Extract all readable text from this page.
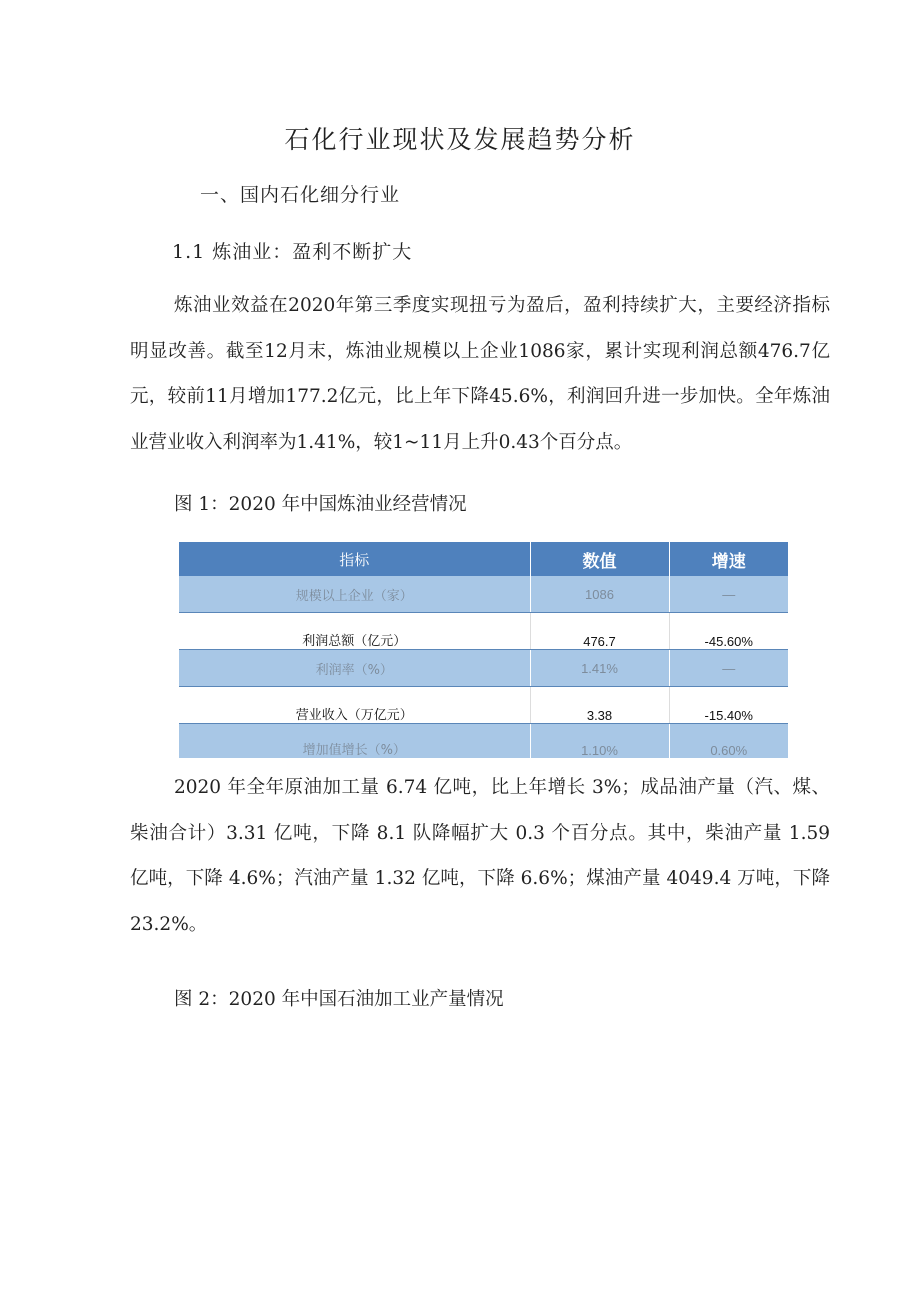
石化行业现状及发展趋势分析
一、国内石化细分行业
1.1 炼油业：盈利不断扩大

炼油业效益在2020年第三季度实现扭亏为盈后，盈利持续扩大，主要经济指标明显改善。截至12月末，炼油业规模以上企业1086家，累计实现利润总额476.7亿元，较前11月增加177.2亿元，比上年下降45.6%，利润回升进一步加快。全年炼油业营业收入利润率为1.41%，较1~11月上升0.43个百分点。

图 1：2020 年中国炼油业经营情况
指标	数值	增速
规模以上企业（家）	1086	—
利润总额（亿元）	476.7	-45.60%
利润率（%）	1.41%	—
营业收入（万亿元）	3.38	-15.40%
增加值增长（%）	1.10%	0.60%

2020 年全年原油加工量 6.74 亿吨，比上年增长 3%；成品油产量（汽、煤、柴油合计）3.31 亿吨，下降 8.1 队降幅扩大 0.3 个百分点。其中，柴油产量 1.59 亿吨，下降 4.6%；汽油产量 1.32 亿吨，下降 6.6%；煤油产量 4049.4 万吨，下降 23.2%。

图 2：2020 年中国石油加工业产量情况
